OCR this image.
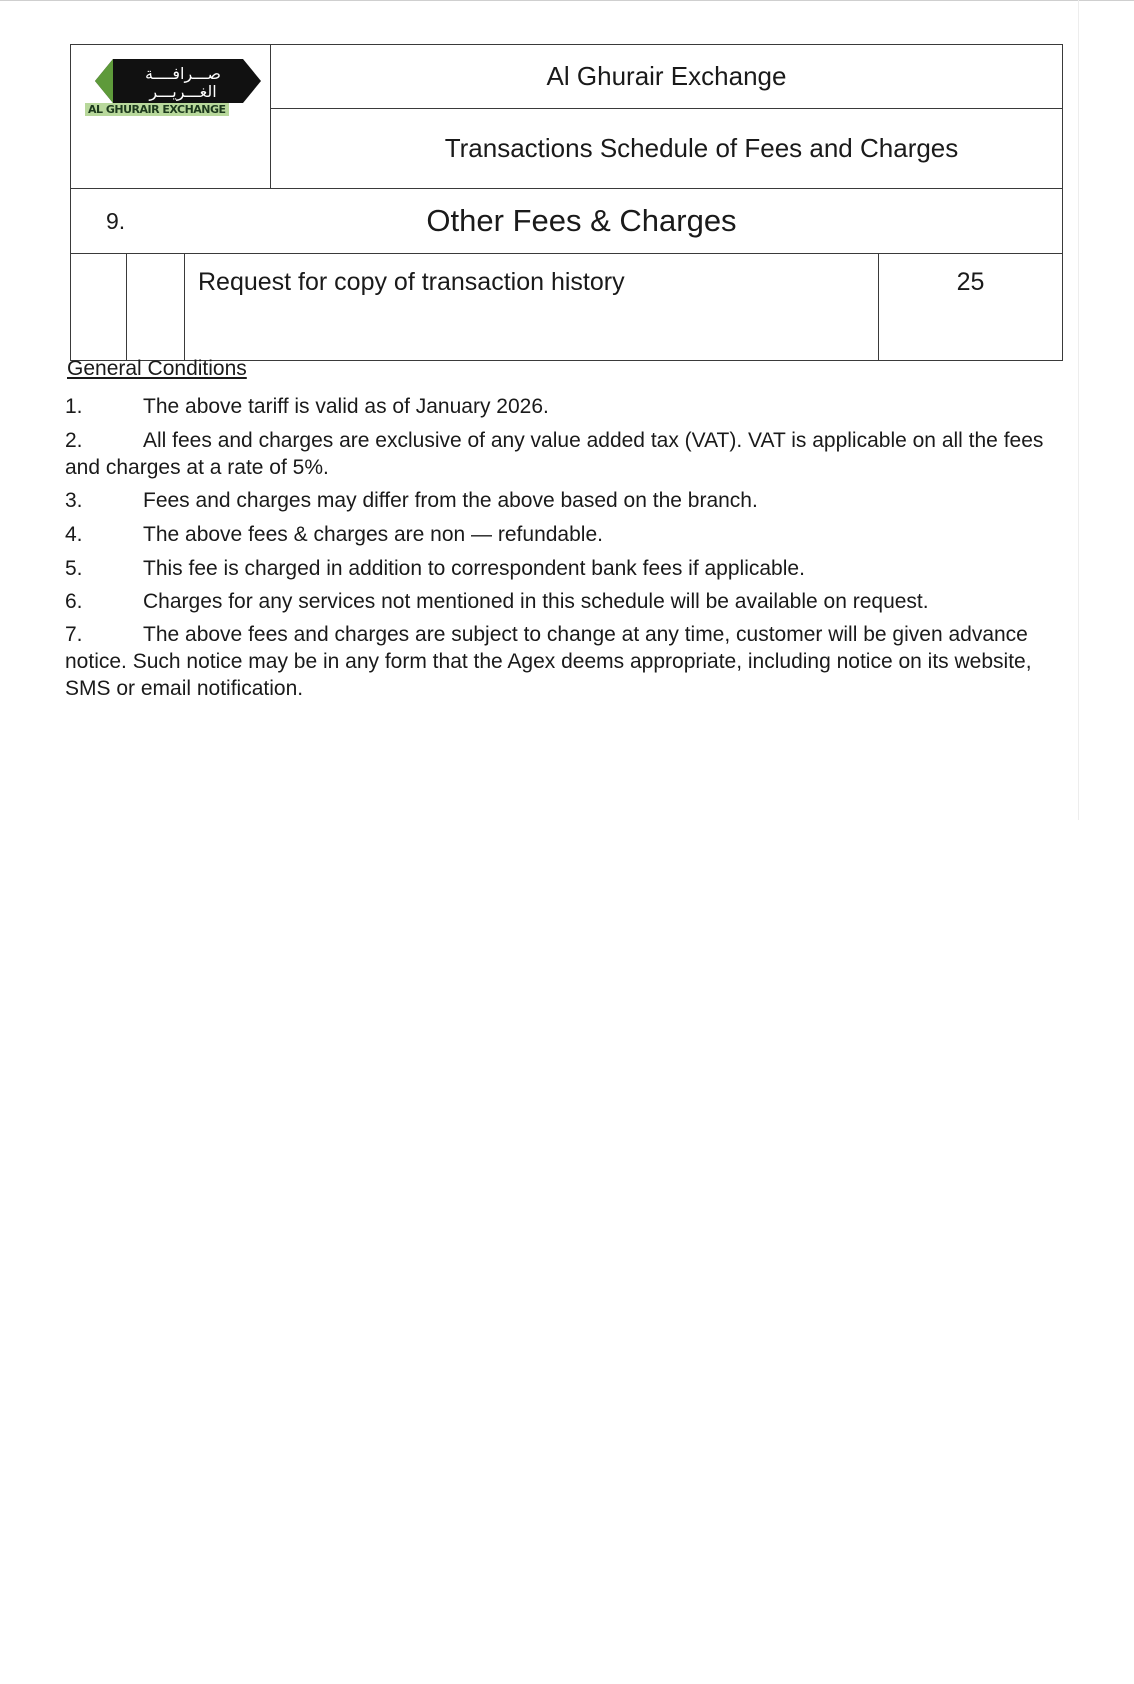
صـــرافــــة
الغـــريـــر
AL GHURAIR EXCHANGE
Al Ghurair Exchange
Transactions Schedule of Fees and Charges
9.	Other Fees & Charges
Request for copy of transaction history	25
General Conditions
1.	The above tariff is valid as of January 2026.
2.	All fees and charges are exclusive of any value added tax (VAT). VAT is applicable on all the fees and charges at a rate of 5%.
3.	Fees and charges may differ from the above based on the branch.
4.	The above fees & charges are non — refundable.
5.	This fee is charged in addition to correspondent bank fees if applicable.
6.	Charges for any services not mentioned in this schedule will be available on request.
7.	The above fees and charges are subject to change at any time, customer will be given advance notice. Such notice may be in any form that the Agex deems appropriate, including notice on its website, SMS or email notification.
